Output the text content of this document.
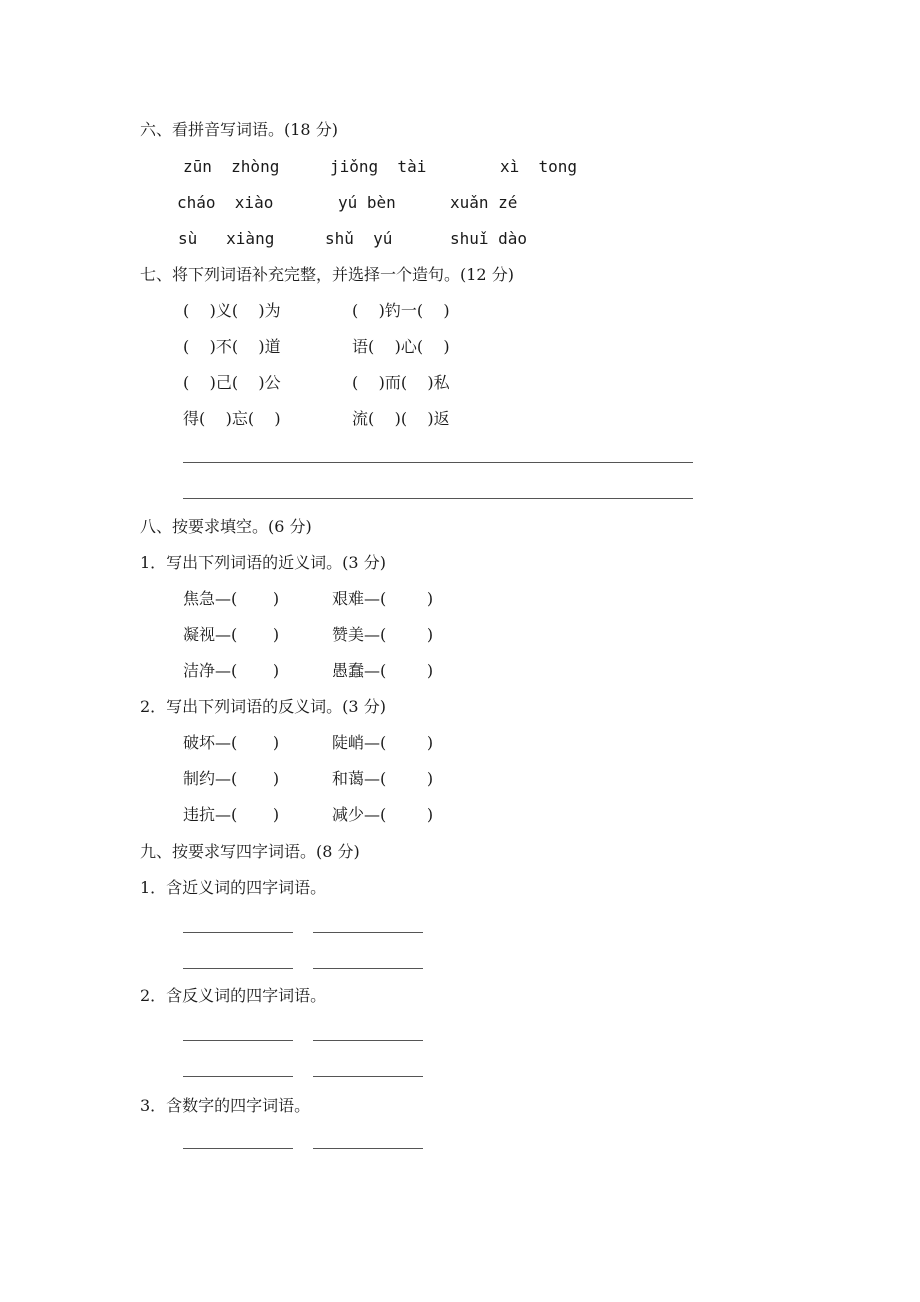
六、看拼音写词语。(18 分)
zūn  zhòng	jiǒng  tài	xì  tong
cháo  xiào	yú bèn	xuǎn zé
sù   xiàng	shǔ  yú	shuǐ dào
七、将下列词语补充完整，并选择一个造句。(12 分)
(    )义(    )为	(    )钓一(    )
(    )不(    )道	语(    )心(    )
(    )己(    )公	(    )而(    )私
得(    )忘(    )	流(    )(    )返
八、按要求填空。(6 分)
1．写出下列词语的近义词。(3 分)
焦急—(       )	艰难—(        )
凝视—(       )	赞美—(        )
洁净—(       )	愚蠢—(        )
2．写出下列词语的反义词。(3 分)
破坏—(       )	陡峭—(        )
制约—(       )	和蔼—(        )
违抗—(       )	减少—(        )
九、按要求写四字词语。(8 分)
1．含近义词的四字词语。
2．含反义词的四字词语。
3．含数字的四字词语。
